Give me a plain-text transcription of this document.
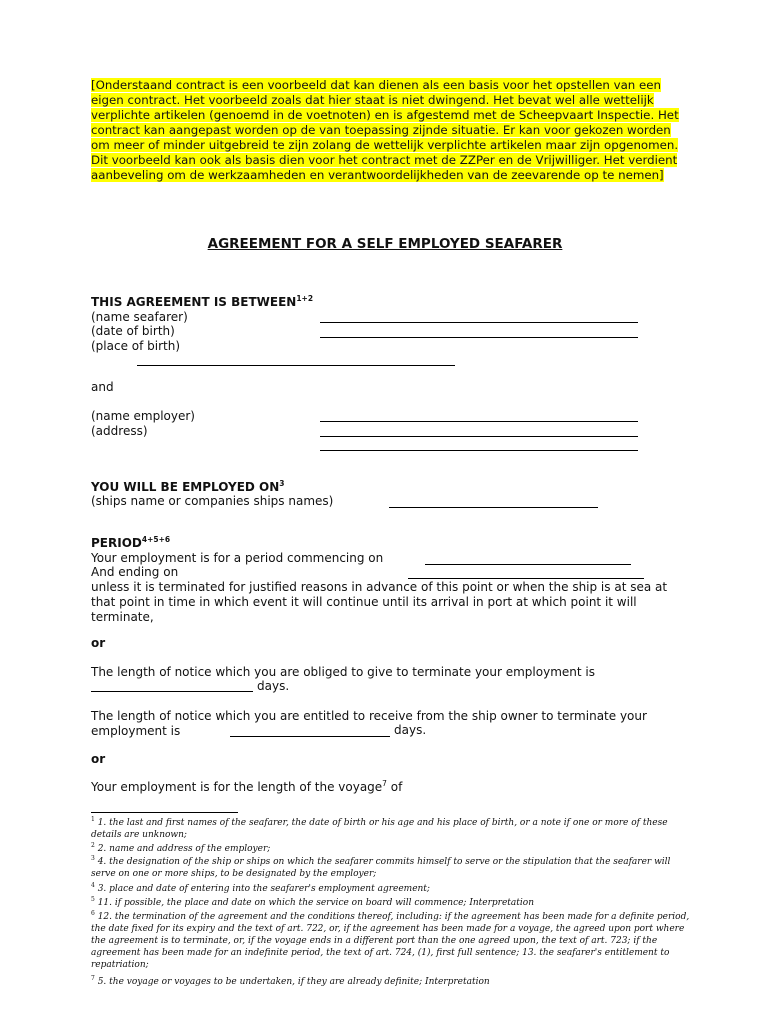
[Onderstaand contract is een voorbeeld dat kan dienen als een basis voor het opstellen van een eigen contract. Het voorbeeld zoals dat hier staat is niet dwingend. Het bevat wel alle wettelijk verplichte artikelen (genoemd in de voetnoten) en is afgestemd met de Scheepvaart Inspectie. Het contract kan aangepast worden op de van toepassing zijnde situatie. Er kan voor gekozen worden om meer of minder uitgebreid te zijn zolang de wettelijk verplichte artikelen maar zijn opgenomen. Dit voorbeeld kan ook als basis dien voor het contract met de ZZPer en de Vrijwilliger. Het verdient aanbeveling om de werkzaamheden en verantwoordelijkheden van de zeevarende op te nemen]
AGREEMENT FOR A SELF EMPLOYED SEAFARER
THIS AGREEMENT IS $BETWEEN^{1+2}$
(name seafarer)
(date of birth)
(place of birth)
and
(name employer)
(address)
YOU WILL BE EMPLOYED $ON^3$
(ships name or companies ships names)
$PERIOD^{4+5+6}$
Your employment is for a period commencing on
And ending on
unless it is terminated for justified reasons in advance of this point or when the ship is at sea at that point in time in which event it will continue until its arrival in port at which point it will terminate,
or
The length of notice which you are obliged to give to terminate your employment is
days.
The length of notice which you are entitled to receive from the ship owner to terminate your employment is	days.
or
Your employment is for the length of the voyage$^7$ of
$^1$ 1. the last and first names of the seafarer, the date of birth or his age and his place of birth, or a note if one or more of these details are unknown;
$^2$ 2. name and address of the employer;
$^3$ 4. the designation of the ship or ships on which the seafarer commits himself to serve or the stipulation that the seafarer will serve on one or more ships, to be designated by the employer;
$^4$ 3. place and date of entering into the seafarer's employment agreement;
$^5$ 11. if possible, the place and date on which the service on board will commence; Interpretation
$^6$ 12. the termination of the agreement and the conditions thereof, including: if the agreement has been made for a definite period, the date fixed for its expiry and the text of art. 722, or, if the agreement has been made for a voyage, the agreed upon port where the agreement is to terminate, or, if the voyage ends in a different port than the one agreed upon, the text of art. 723; if the agreement has been made for an indefinite period, the text of art. 724, (1), first full sentence; 13. the seafarer's entitlement to repatriation;
$^7$ 5. the voyage or voyages to be undertaken, if they are already definite; Interpretation
